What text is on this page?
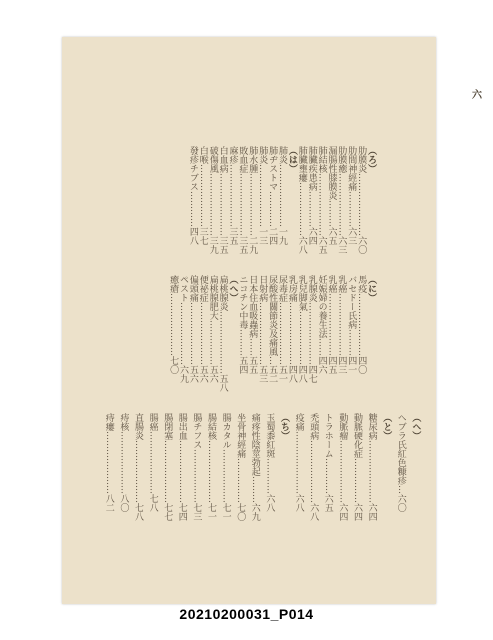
六
（ろ）
肋膜炎…………………六〇
肋間神經痛…………六三
肋膜癒…………………六三
漏腸性膝膜炎………六五
肺結核…………………六五
肺臟疾患病…………六四
肺臟壅瘻………………六八
（は）
肺炎…………………一九
肺ヂストマ…………二四
肺炎…………………一三
肺水腫…………………二九
敗血症…………………三五
麻疹…………………三五
白血病…………………三五
破傷風…………………三九
白喉…………………三七
發疹チブス…………四八
（に）
馬疫…………………四〇
バセドー氏病………四一
乳癌…………………四三
乳癌…………………四五
妊娠婦の養生法……四六
乳腺炎…………………四七
乳兒脚氣………………四八
乳房痛…………………四八
尿毒症…………………五一
尿酸性關節炎及痛風…五二
日射病…………………五三
日本住血吸蟲病……五五
ニコチン中毒………五四
（へ）
扁桃腺炎…………………五八
扁桃腺肥大……………五六
便祕症…………………五六
偏頭痛…………………五六
ペスト…………………六九
癒瘡…………………七〇
（ヘ）
ヘブラ氏紅色糠疹…六〇
（と）
糖尿病…………………六四
動脈硬化症……………六四
動脈瘤…………………六四
トラホーム…………六五
禿頭病…………………六八
疫痛…………………六八
（ち）
玉蜀黍紅斑…………六八
痛疼性陰莖勃起………六九
坐骨神經痛……………七〇
腸カタル………………七一
腸結核…………………七一
腸チフス………………七三
腸出血…………………七四
腸閉塞…………………七七
腸癌…………………七八
直腸炎…………………七八
痔核…………………八〇
痔瘻…………………八二
20210200031_P014
